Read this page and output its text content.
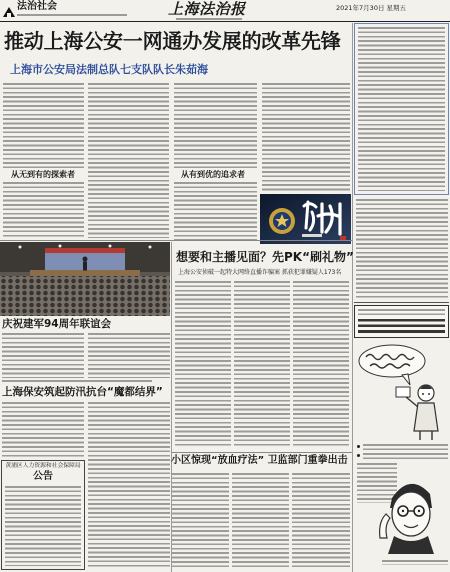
法治社会	上海法治报	2021年7月30日 星期五
推动上海公安一网通办发展的改革先锋
上海市公安局法制总队七支队队长朱茹海
从无到有的探索者	从有到优的追求者
庆祝建军94周年联谊会
上海保安筑起防汛抗台“魔都结界”
黄浦区人力资源和社会保障局
公告
想要和主播见面？先PK“刷礼物”
上海公安侦破一起特大网络直播诈骗案 抓获犯罪嫌疑人173名
小区惊现“放血疗法” 卫监部门重拳出击
